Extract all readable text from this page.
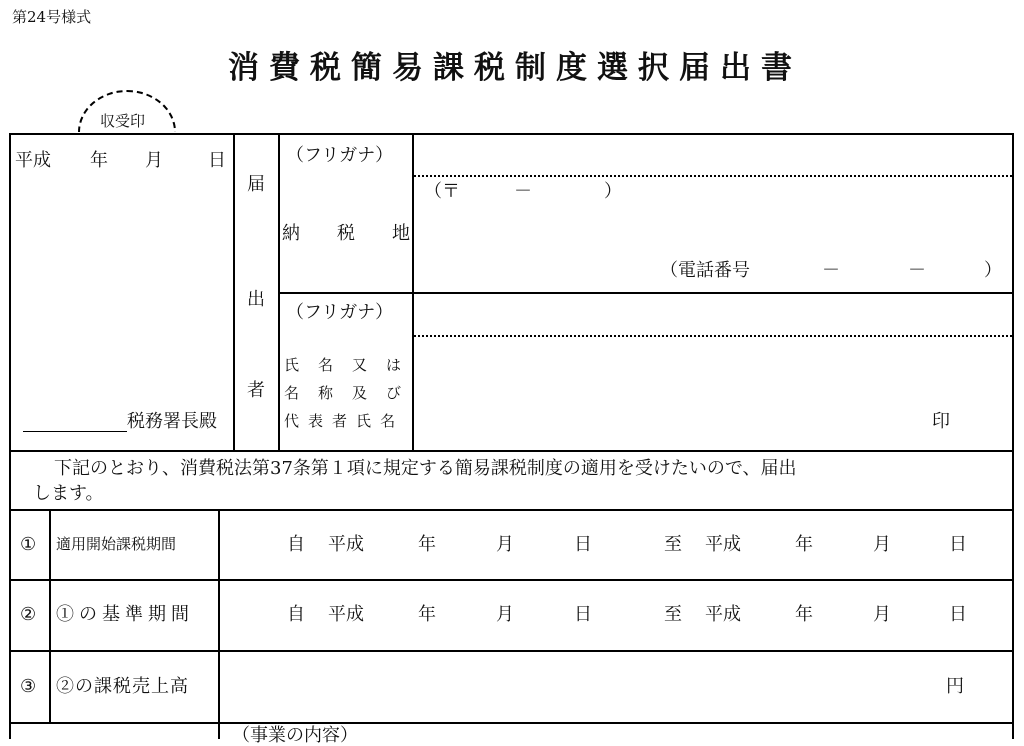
第24号様式
消費税簡易課税制度選択届出書
収受印
平成 年 月	日
税務署長殿
届
出
者
（フリガナ）
納 税 地
（〒　　　－　　　　）
（電話番号	－	－	）
（フリガナ）
氏 名 又 は
名 称 及 び
代 表 者 氏 名	印
下記のとおり、消費税法第37条第１項に規定する簡易課税制度の適用を受けたいので、届出
します。
① 適用開始課税期間	自 平成	年	月	日	至 平成	年	月	日
② ①の基準期間	自 平成	年	月	日	至 平成	年	月	日
③ ②の課税売上高	円
（事業の内容）
